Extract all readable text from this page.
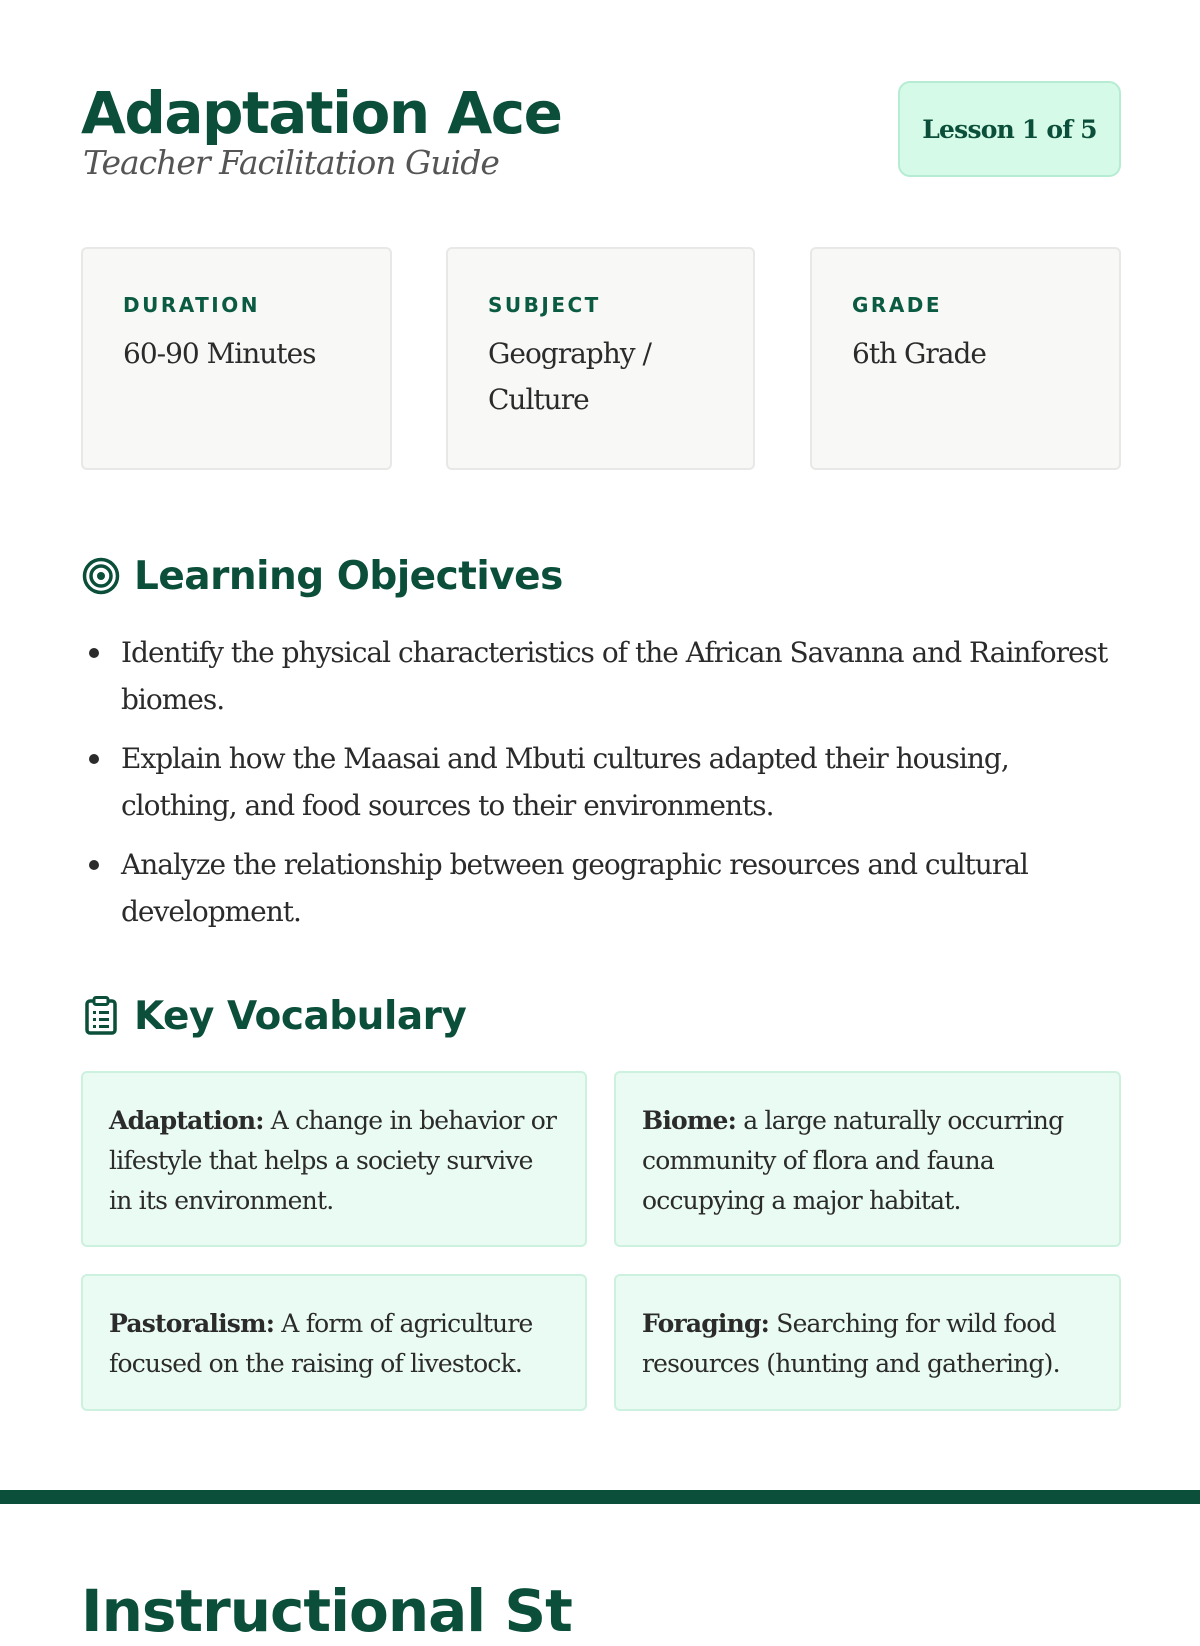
Adaptation Ace
Teacher Facilitation Guide
Lesson 1 of 5
DURATION
60-90 Minutes
SUBJECT
Geography / Culture
GRADE
6th Grade
Learning Objectives
Identify the physical characteristics of the African Savanna and Rainforest biomes.
Explain how the Maasai and Mbuti cultures adapted their housing, clothing, and food sources to their environments.
Analyze the relationship between geographic resources and cultural development.
Key Vocabulary
Adaptation: A change in behavior or lifestyle that helps a society survive in its environment.
Biome: a large naturally occurring community of flora and fauna occupying a major habitat.
Pastoralism: A form of agriculture focused on the raising of livestock.
Foraging: Searching for wild food resources (hunting and gathering).
Instructional St
